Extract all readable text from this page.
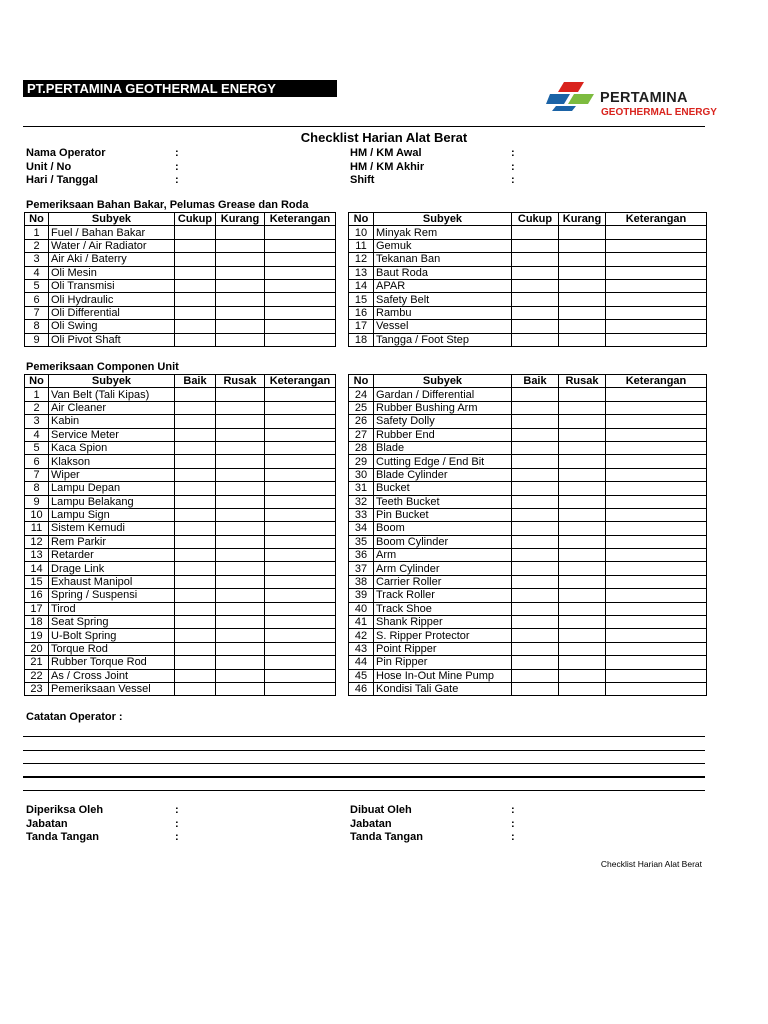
PT.PERTAMINA GEOTHERMAL ENERGY
PERTAMINA
GEOTHERMAL ENERGY
Checklist Harian Alat Berat
Nama Operator	:
Unit / No	:
Hari / Tanggal	:
HM / KM Awal	:
HM / KM Akhir	:
Shift	:
Pemeriksaan Bahan Bakar, Pelumas Grease dan Roda
No	Subyek	Cukup	Kurang	Keterangan
1	Fuel / Bahan Bakar			
2	Water / Air Radiator			
3	Air Aki / Baterry			
4	Oli Mesin			
5	Oli Transmisi			
6	Oli Hydraulic			
7	Oli Differential			
8	Oli Swing			
9	Oli Pivot Shaft			
No	Subyek	Cukup	Kurang	Keterangan
10	Minyak Rem			
11	Gemuk			
12	Tekanan Ban			
13	Baut Roda			
14	APAR			
15	Safety Belt			
16	Rambu			
17	Vessel			
18	Tangga / Foot Step			
Pemeriksaan Componen Unit
No	Subyek	Baik	Rusak	Keterangan
1	Van Belt (Tali Kipas)			
2	Air Cleaner			
3	Kabin			
4	Service Meter			
5	Kaca Spion			
6	Klakson			
7	Wiper			
8	Lampu Depan			
9	Lampu Belakang			
10	Lampu Sign			
11	Sistem Kemudi			
12	Rem Parkir			
13	Retarder			
14	Drage Link			
15	Exhaust Manipol			
16	Spring / Suspensi			
17	Tirod			
18	Seat Spring			
19	U-Bolt Spring			
20	Torque Rod			
21	Rubber Torque Rod			
22	As / Cross Joint			
23	Pemeriksaan Vessel			
No	Subyek	Baik	Rusak	Keterangan
24	Gardan / Differential			
25	Rubber Bushing Arm			
26	Safety Dolly			
27	Rubber End			
28	Blade			
29	Cutting Edge / End Bit			
30	Blade Cylinder			
31	Bucket			
32	Teeth Bucket			
33	Pin Bucket			
34	Boom			
35	Boom Cylinder			
36	Arm			
37	Arm Cylinder			
38	Carrier Roller			
39	Track Roller			
40	Track Shoe			
41	Shank Ripper			
42	S. Ripper Protector			
43	Point Ripper			
44	Pin Ripper			
45	Hose In-Out Mine Pump			
46	Kondisi Tali Gate			
Catatan Operator :
Diperiksa Oleh	:
Jabatan	:
Tanda Tangan	:
Dibuat Oleh	:
Jabatan	:
Tanda Tangan	:
Checklist Harian Alat Berat
